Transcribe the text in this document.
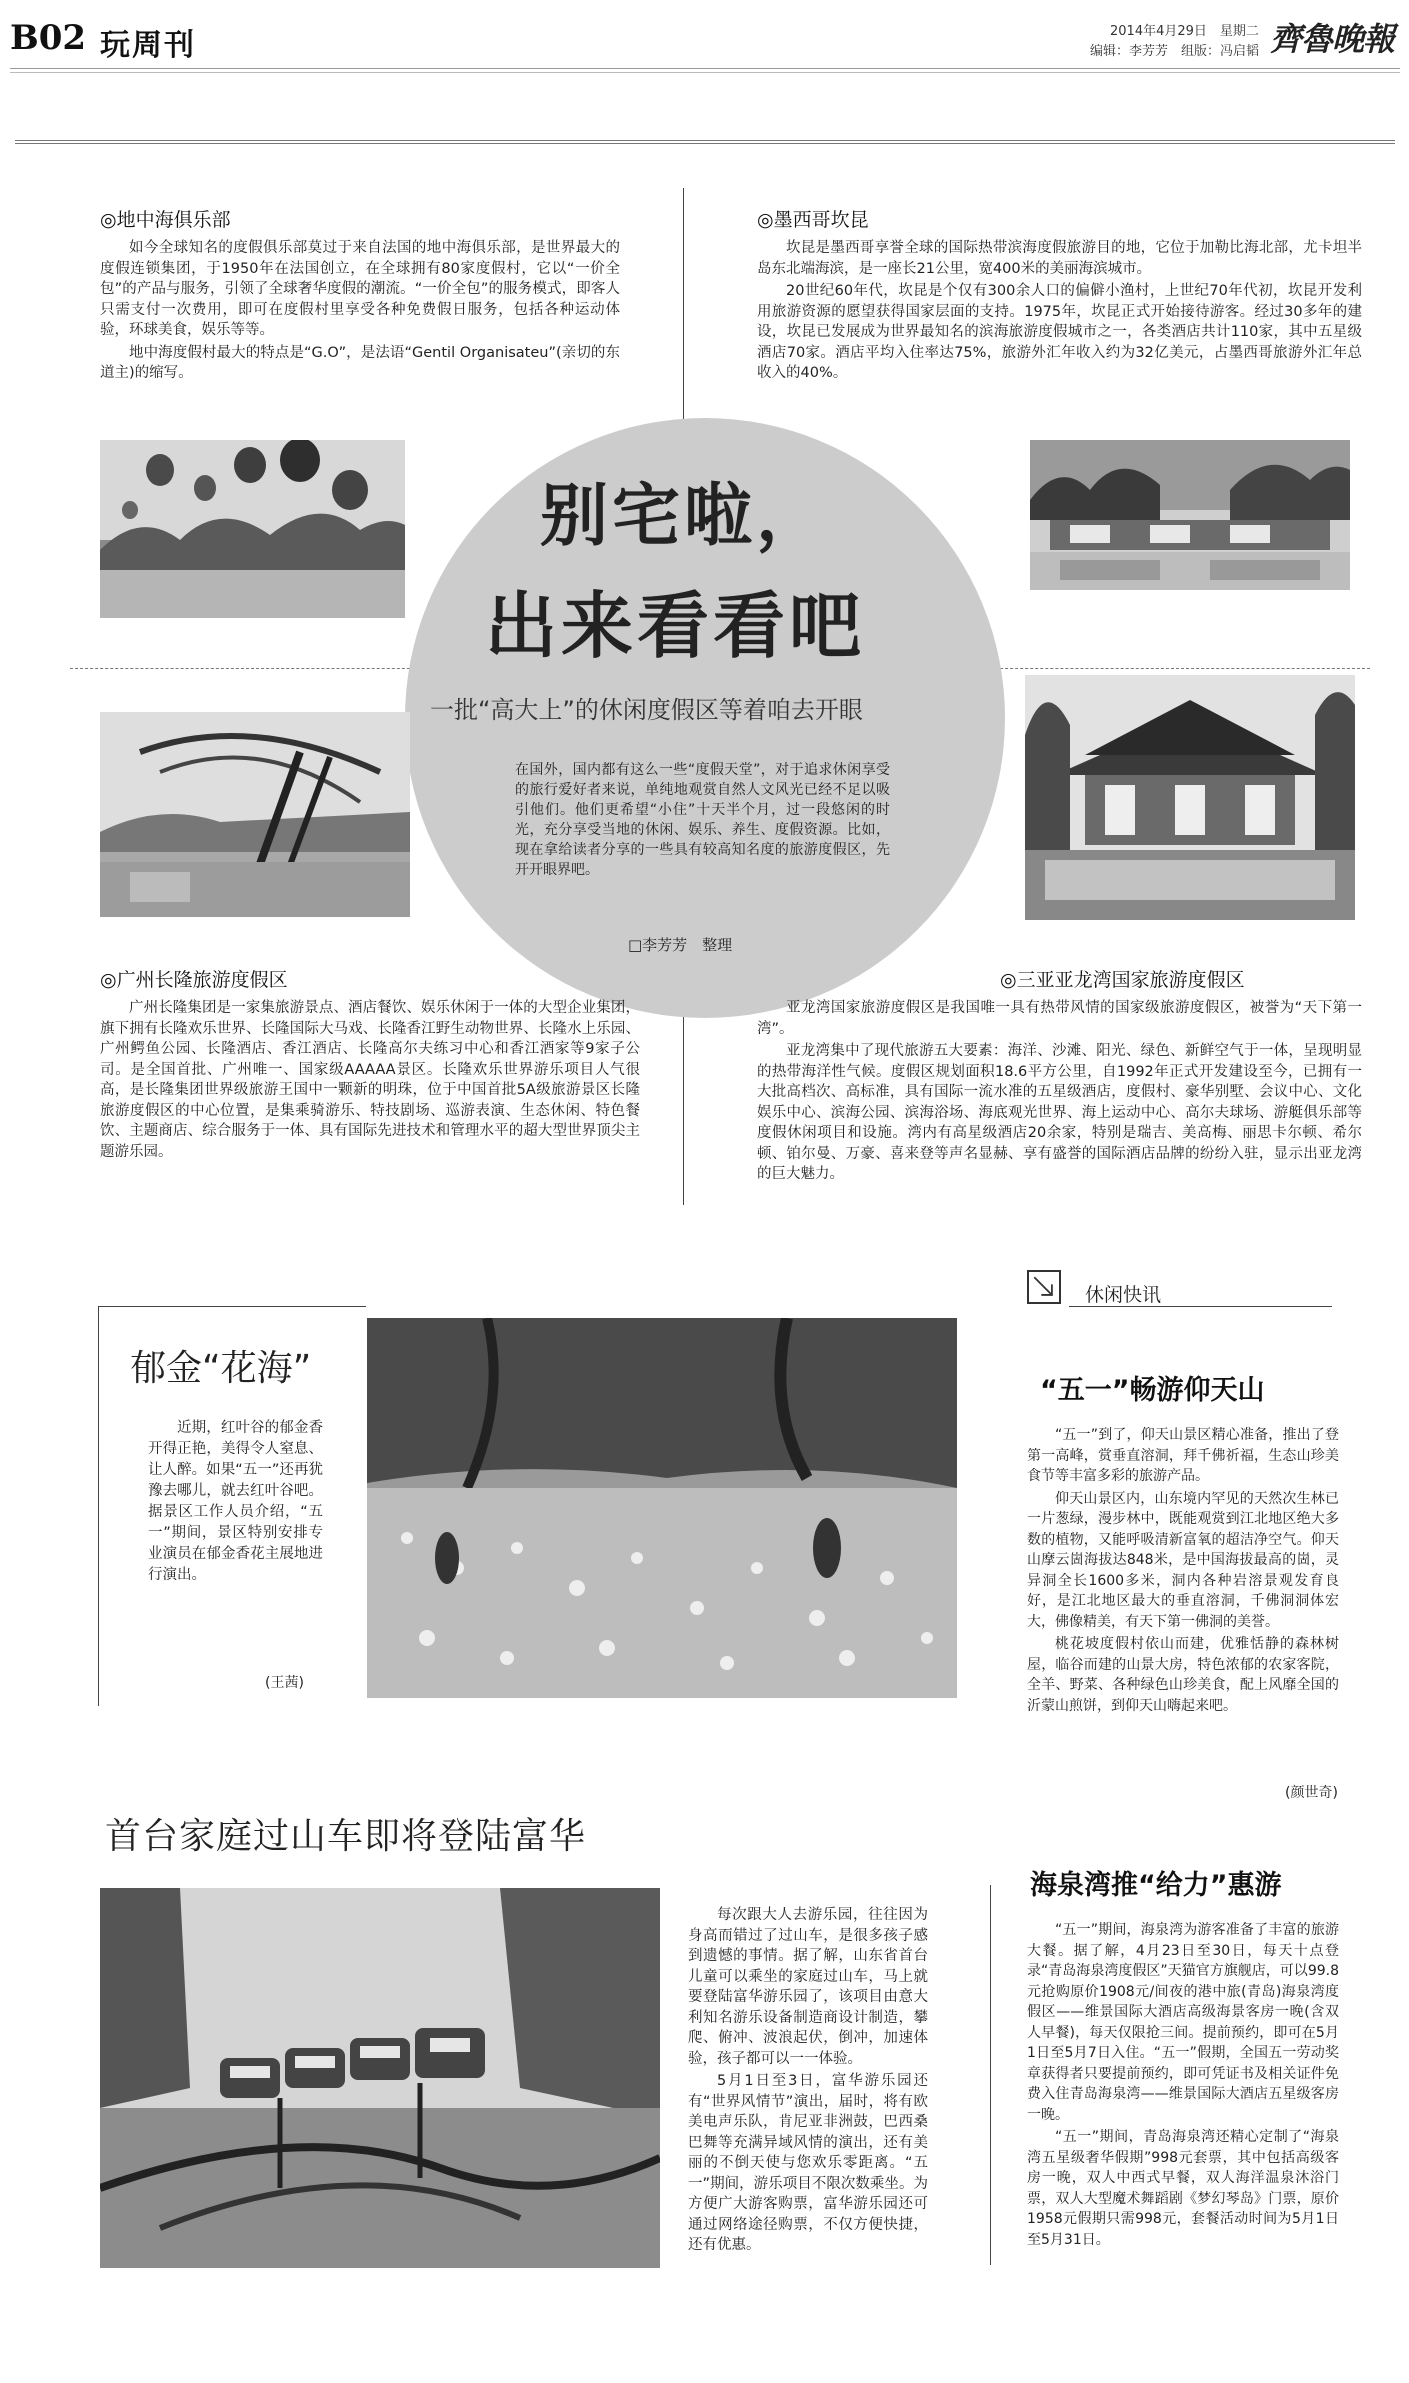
B02 玩周刊	2014年4月29日　星期二
编辑：李芳芳　组版：冯启韬 齊魯晚報
◎地中海俱乐部

如今全球知名的度假俱乐部莫过于来自法国的地中海俱乐部，是世界最大的度假连锁集团，于1950年在法国创立，在全球拥有80家度假村，它以“一价全包”的产品与服务，引领了全球奢华度假的潮流。“一价全包”的服务模式，即客人只需支付一次费用，即可在度假村里享受各种免费假日服务，包括各种运动体验，环球美食，娱乐等等。

地中海度假村最大的特点是“G.O”，是法语“Gentil Organisateu”(亲切的东道主)的缩写。

◎墨西哥坎昆

坎昆是墨西哥享誉全球的国际热带滨海度假旅游目的地，它位于加勒比海北部，尤卡坦半岛东北端海滨，是一座长21公里，宽400米的美丽海滨城市。

20世纪60年代，坎昆是个仅有300余人口的偏僻小渔村，上世纪70年代初，坎昆开发利用旅游资源的愿望获得国家层面的支持。1975年，坎昆正式开始接待游客。经过30多年的建设，坎昆已发展成为世界最知名的滨海旅游度假城市之一，各类酒店共计110家，其中五星级酒店70家。酒店平均入住率达75%，旅游外汇年收入约为32亿美元，占墨西哥旅游外汇年总收入的40%。

别宅啦，
出来看看吧
一批“高大上”的休闲度假区等着咱去开眼
在国外，国内都有这么一些“度假天堂”，对于追求休闲享受的旅行爱好者来说，单纯地观赏自然人文风光已经不足以吸引他们。他们更希望“小住”十天半个月，过一段悠闲的时光，充分享受当地的休闲、娱乐、养生、度假资源。比如，现在拿给读者分享的一些具有较高知名度的旅游度假区，先开开眼界吧。
□李芳芳　整理
◎广州长隆旅游度假区

广州长隆集团是一家集旅游景点、酒店餐饮、娱乐休闲于一体的大型企业集团，旗下拥有长隆欢乐世界、长隆国际大马戏、长隆香江野生动物世界、长隆水上乐园、广州鳄鱼公园、长隆酒店、香江酒店、长隆高尔夫练习中心和香江酒家等9家子公司。是全国首批、广州唯一、国家级AAAAA景区。长隆欢乐世界游乐项目人气很高，是长隆集团世界级旅游王国中一颗新的明珠，位于中国首批5A级旅游景区长隆旅游度假区的中心位置，是集乘骑游乐、特技剧场、巡游表演、生态休闲、特色餐饮、主题商店、综合服务于一体、具有国际先进技术和管理水平的超大型世界顶尖主题游乐园。

◎三亚亚龙湾国家旅游度假区

亚龙湾国家旅游度假区是我国唯一具有热带风情的国家级旅游度假区，被誉为“天下第一湾”。

亚龙湾集中了现代旅游五大要素：海洋、沙滩、阳光、绿色、新鲜空气于一体，呈现明显的热带海洋性气候。度假区规划面积18.6平方公里，自1992年正式开发建设至今，已拥有一大批高档次、高标准，具有国际一流水准的五星级酒店，度假村、豪华别墅、会议中心、文化娱乐中心、滨海公园、滨海浴场、海底观光世界、海上运动中心、高尔夫球场、游艇俱乐部等度假休闲项目和设施。湾内有高星级酒店20余家，特别是瑞吉、美高梅、丽思卡尔顿、希尔顿、铂尔曼、万豪、喜来登等声名显赫、享有盛誉的国际酒店品牌的纷纷入驻，显示出亚龙湾的巨大魅力。

郁金“花海”
近期，红叶谷的郁金香开得正艳，美得令人窒息、让人醉。如果“五一”还再犹豫去哪儿，就去红叶谷吧。据景区工作人员介绍，“五一”期间，景区特别安排专业演员在郁金香花主展地进行演出。
(王茜)
休闲快讯
“五一”畅游仰天山

“五一”到了，仰天山景区精心准备，推出了登第一高峰，赏垂直溶洞，拜千佛祈福，生态山珍美食节等丰富多彩的旅游产品。

仰天山景区内，山东境内罕见的天然次生林已一片葱绿，漫步林中，既能观赏到江北地区绝大多数的植物，又能呼吸清新富氧的超洁净空气。仰天山摩云崮海拔达848米，是中国海拔最高的崮，灵异洞全长1600多米，洞内各种岩溶景观发育良好，是江北地区最大的垂直溶洞，千佛洞洞体宏大，佛像精美，有天下第一佛洞的美誉。

桃花坡度假村依山而建，优雅恬静的森林树屋，临谷而建的山景大房，特色浓郁的农家客院，全羊、野菜、各种绿色山珍美食，配上风靡全国的沂蒙山煎饼，到仰天山嗨起来吧。

(颜世奇)
海泉湾推“给力”惠游

“五一”期间，海泉湾为游客准备了丰富的旅游大餐。据了解，4月23日至30日，每天十点登录“青岛海泉湾度假区”天猫官方旗舰店，可以99.8元抢购原价1908元/间夜的港中旅(青岛)海泉湾度假区——维景国际大酒店高级海景客房一晚(含双人早餐)，每天仅限抢三间。提前预约，即可在5月1日至5月7日入住。“五一”假期，全国五一劳动奖章获得者只要提前预约，即可凭证书及相关证件免费入住青岛海泉湾——维景国际大酒店五星级客房一晚。

“五一”期间，青岛海泉湾还精心定制了“海泉湾五星级奢华假期”998元套票，其中包括高级客房一晚，双人中西式早餐，双人海洋温泉沐浴门票，双人大型魔术舞蹈剧《梦幻琴岛》门票，原价1958元假期只需998元，套餐活动时间为5月1日至5月31日。

首台家庭过山车即将登陆富华

每次跟大人去游乐园，往往因为身高而错过了过山车，是很多孩子感到遗憾的事情。据了解，山东省首台儿童可以乘坐的家庭过山车，马上就要登陆富华游乐园了，该项目由意大利知名游乐设备制造商设计制造，攀爬、俯冲、波浪起伏，倒冲，加速体验，孩子都可以一一体验。

5月1日至3日，富华游乐园还有“世界风情节”演出，届时，将有欧美电声乐队，肯尼亚非洲鼓，巴西桑巴舞等充满异域风情的演出，还有美丽的不倒天使与您欢乐零距离。“五一”期间，游乐项目不限次数乘坐。为方便广大游客购票，富华游乐园还可通过网络途径购票，不仅方便快捷，还有优惠。
